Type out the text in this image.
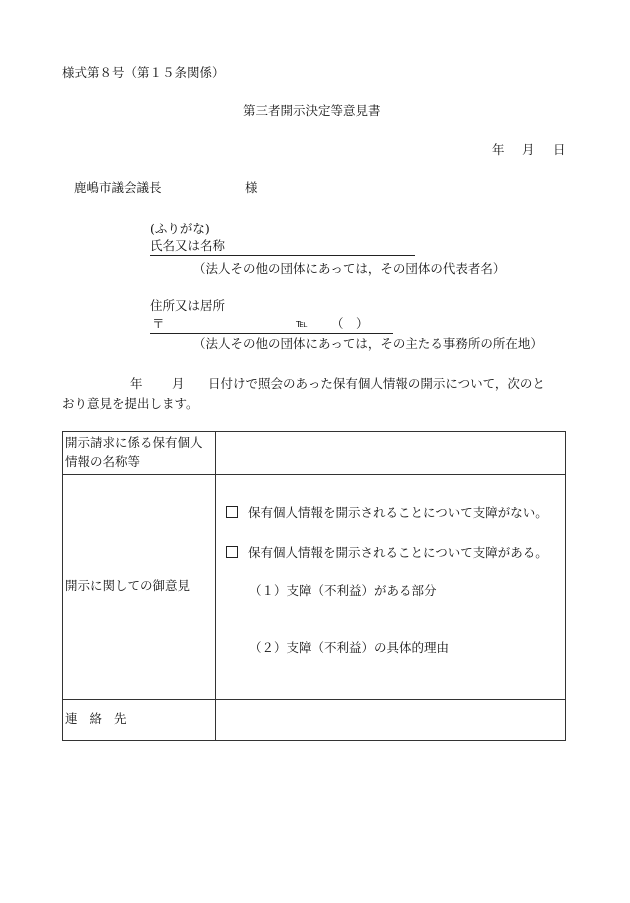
様式第８号（第１５条関係）
第三者開示決定等意見書
年 月 日
鹿嶋市議会議長	様
(ふりがな)
氏名又は名称
（法人その他の団体にあっては，その団体の代表者名）
住所又は居所
〒	℡ （　）
（法人その他の団体にあっては，その主たる事務所の所在地）
年 月 日付けで照会のあった保有個人情報の開示について，次のと
おり意見を提出します。
開示請求に係る保有個人情報の名称等	
開示に関しての御意見	保有個人情報を開示されることについて支障がない。
保有個人情報を開示されることについて支障がある。
（１）支障（不利益）がある部分
（２）支障（不利益）の具体的理由

連 絡 先	
